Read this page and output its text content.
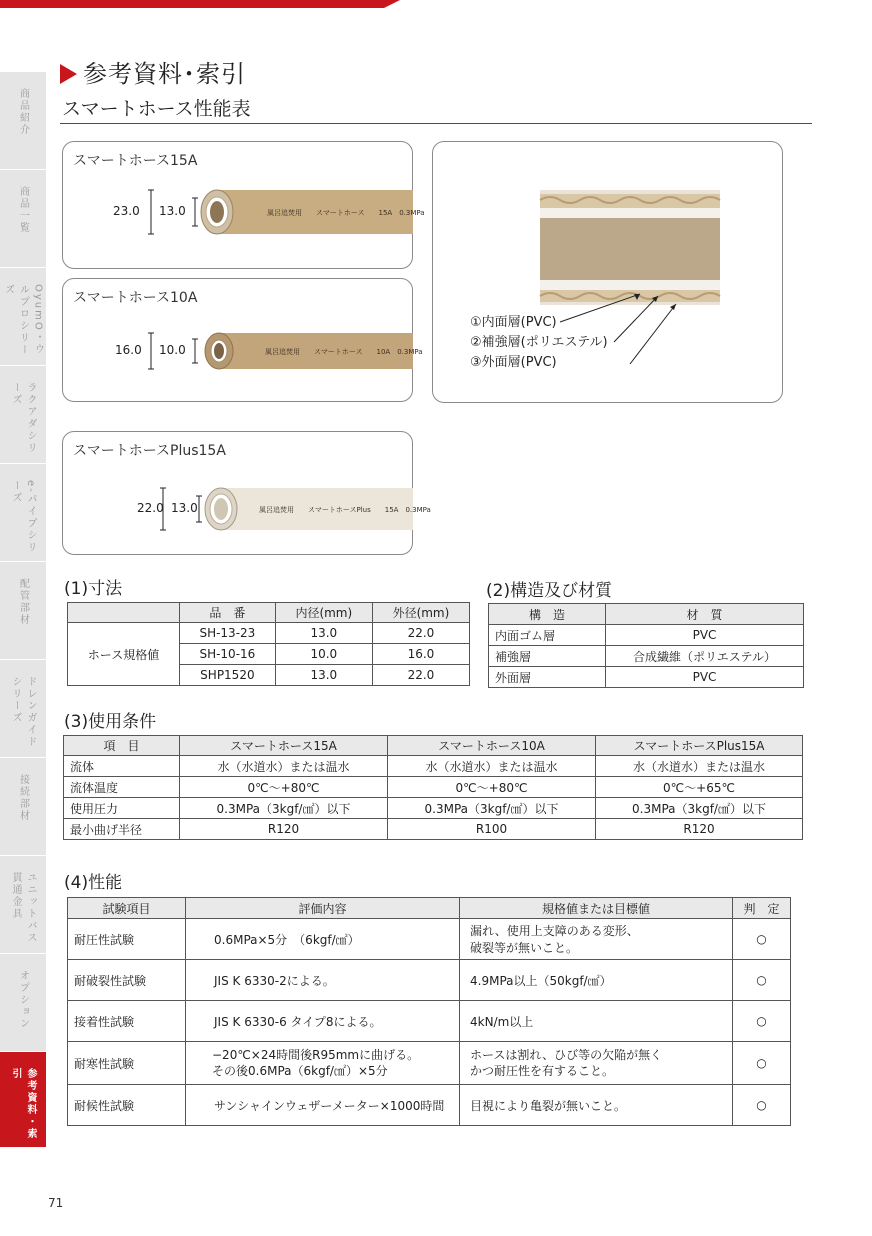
商品紹介
商品一覧
OyumO・ウルプロシリーズ
ラクアダシリーズ
e-パイプシリーズ
配管部材
ドレンガイドシリーズ
接続部材
ユニットバス貫通金具
オプション
参考資料・索引
参考資料･索引
スマートホース性能表
スマートホース15A
23.0 13.0	風呂追焚用　　スマートホース　　15A　0.3MPa
スマートホース10A
16.0 10.0	風呂追焚用　　スマートホース　　10A　0.3MPa
スマートホースPlus15A
22.0 13.0	風呂追焚用　　スマートホースPlus　　15A　0.3MPa
①内面層(PVC)
②補強層(ポリエステル)
③外面層(PVC)
(1)寸法
	品　番	内径(mm)	外径(mm)
ホース規格値	SH-13-23	13.0	22.0
	SH-10-16	10.0	16.0
	SHP1520	13.0	22.0
(2)構造及び材質
構　造	材　質
内面ゴム層	PVC
補強層	合成繊維（ポリエステル）
外面層	PVC
(3)使用条件
項　目	スマートホース15A	スマートホース10A	スマートホースPlus15A
流体	水（水道水）または温水	水（水道水）または温水	水（水道水）または温水
流体温度	0℃～+80℃	0℃～+80℃	0℃～+65℃
使用圧力	0.3MPa（3kgf/㎠）以下	0.3MPa（3kgf/㎠）以下	0.3MPa（3kgf/㎠）以下
最小曲げ半径	R120	R100	R120
(4)性能
試験項目	評価内容	規格値または目標値	判　定
耐圧性試験	0.6MPa×5分　（6kgf/㎠）	漏れ、使用上支障のある変形、
破裂等が無いこと。	○
耐破裂性試験	JIS K 6330-2による。	4.9MPa以上（50kgf/㎠）	○
接着性試験	JIS K 6330-6 タイプ8による。	4kN/m以上	○
耐寒性試験	−20℃×24時間後R95mmに曲げる。
その後0.6MPa（6kgf/㎠）×5分	ホースは割れ、ひび等の欠陥が無く
かつ耐圧性を有すること。	○
耐候性試験	サンシャインウェザーメーター×1000時間	目視により亀裂が無いこと。	○
71
